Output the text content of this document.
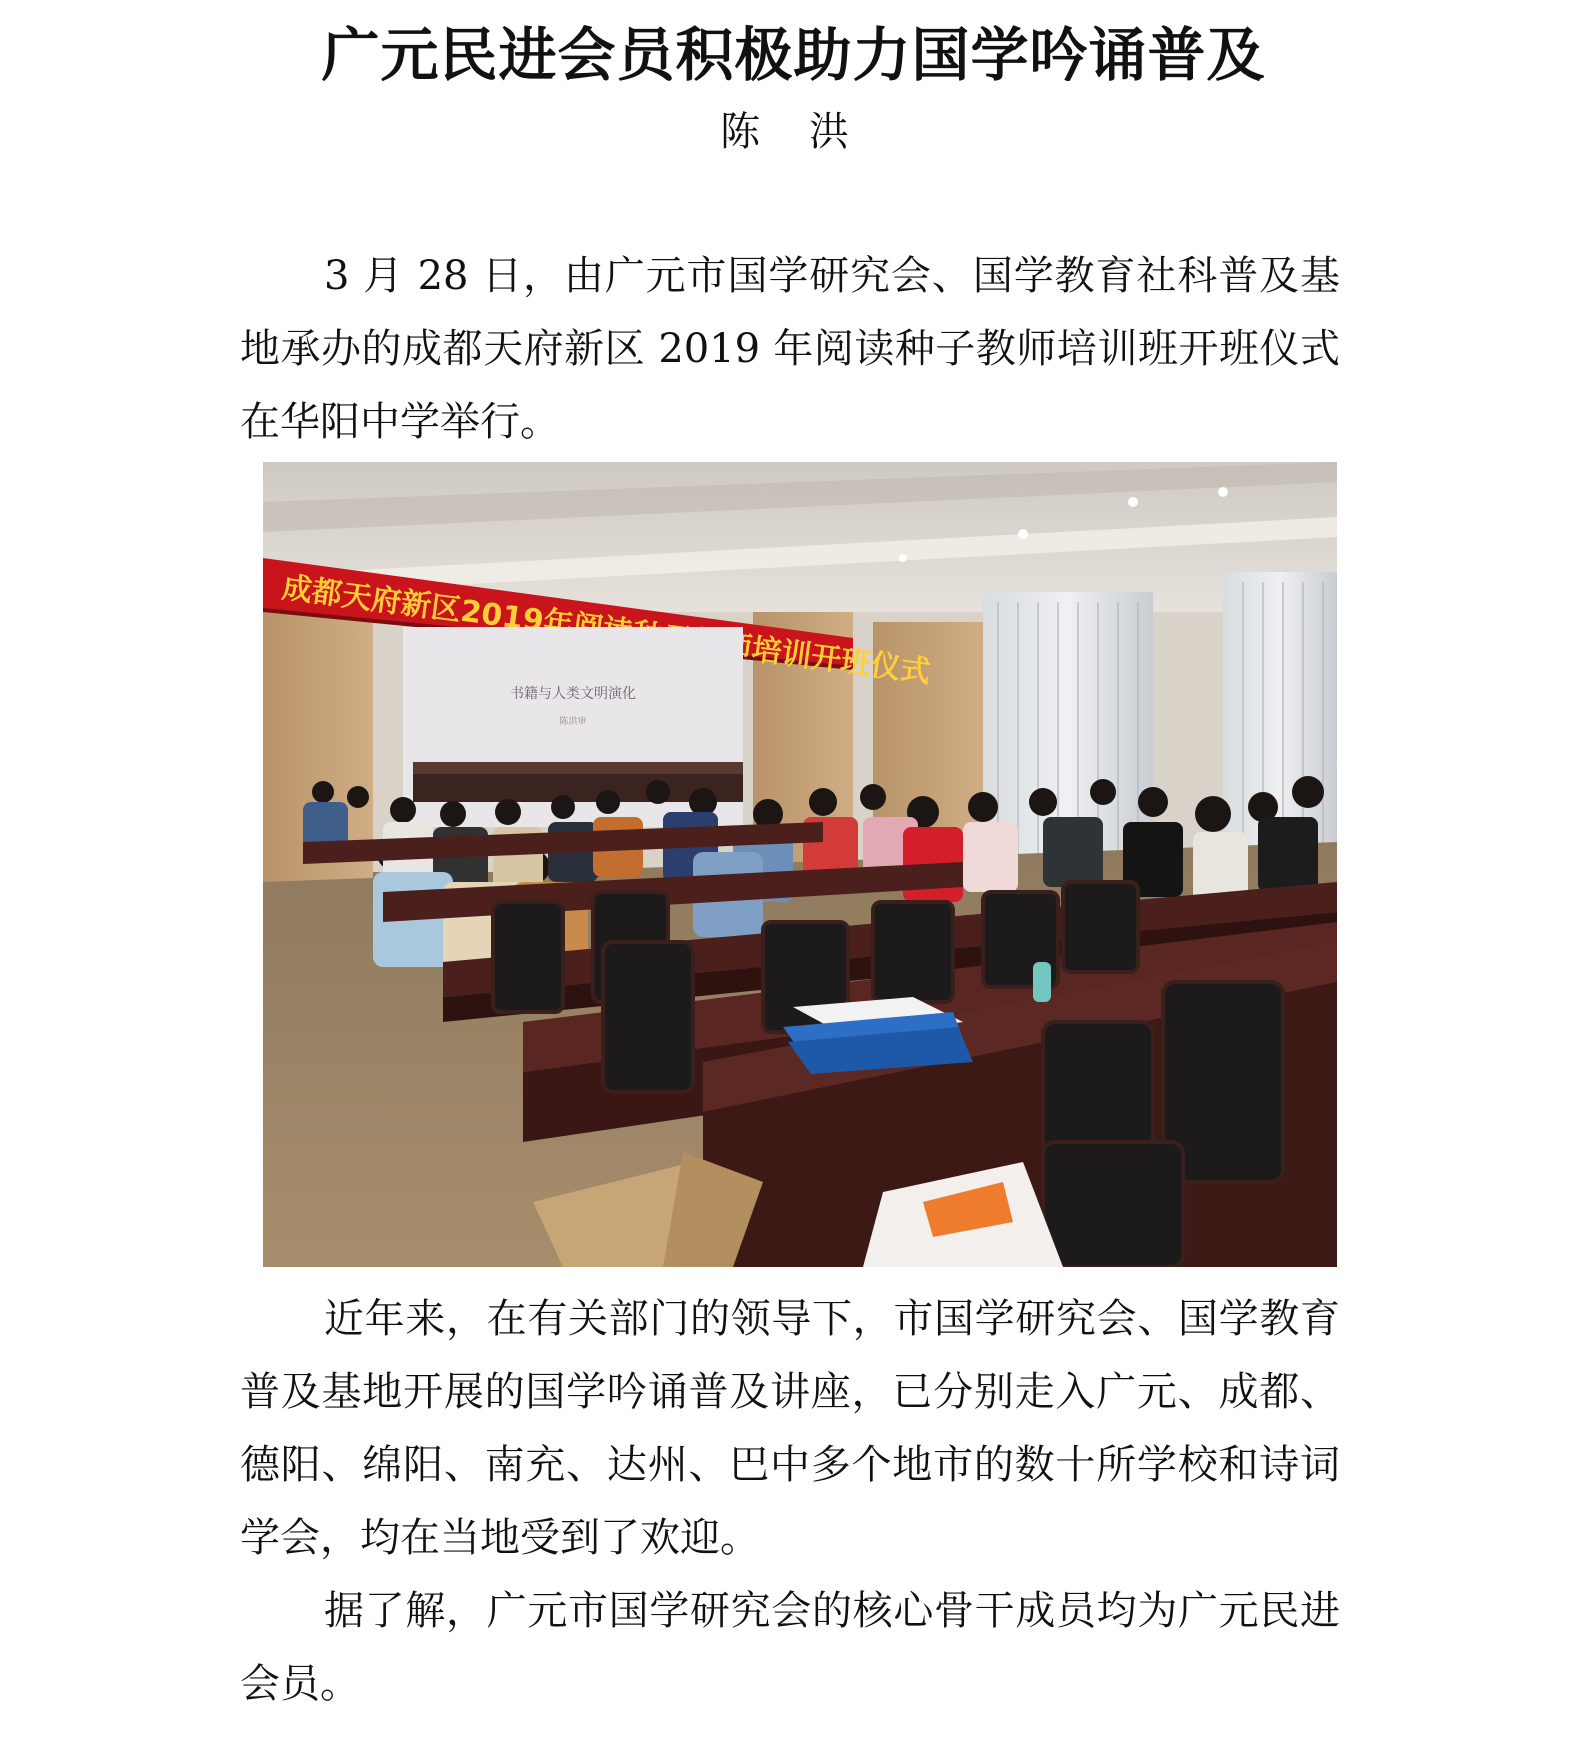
广元民进会员积极助力国学吟诵普及
陈 洪

3 月 28 日，由广元市国学研究会、国学教育社科普及基地承办的成都天府新区 2019 年阅读种子教师培训班开班仪式在华阳中学举行。

书籍与人类文明演化
陈洪审

近年来，在有关部门的领导下，市国学研究会、国学教育普及基地开展的国学吟诵普及讲座，已分别走入广元、成都、德阳、绵阳、南充、达州、巴中多个地市的数十所学校和诗词学会，均在当地受到了欢迎。

据了解，广元市国学研究会的核心骨干成员均为广元民进会员。
